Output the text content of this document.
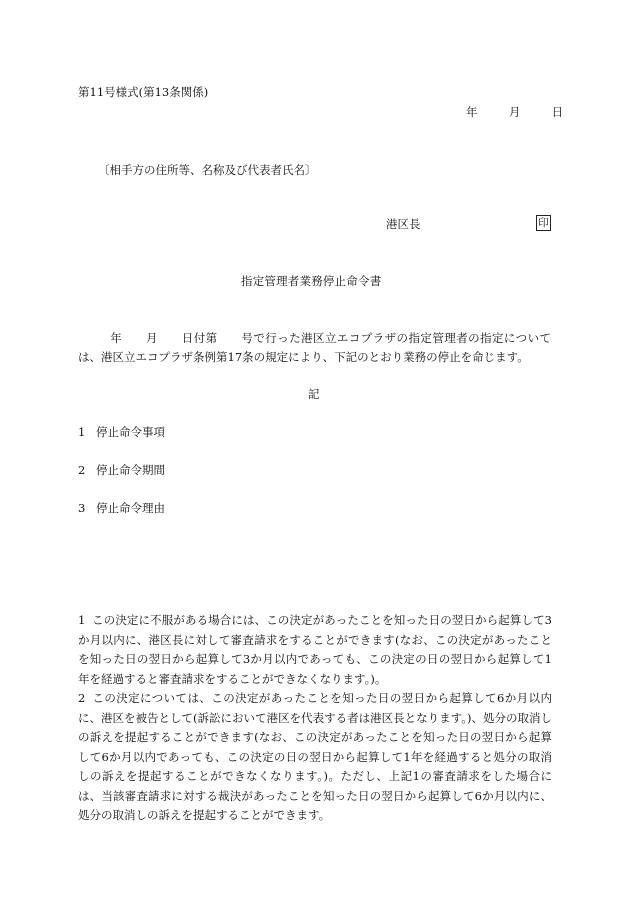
第11号様式(第13条関係)
年	月	日
〔相手方の住所等、名称及び代表者氏名〕
港区長	印
指定管理者業務停止命令書
年　　月　　日付第　　号で行った港区立エコプラザの指定管理者の指定については、港区立エコプラザ条例第17条の規定により、下記のとおり業務の停止を命じます。
記
1 停止命令事項
2 停止命令期間
3 停止命令理由
1 この決定に不服がある場合には、この決定があったことを知った日の翌日から起算して3か月以内に、港区長に対して審査請求をすることができます(なお、この決定があったことを知った日の翌日から起算して3か月以内であっても、この決定の日の翌日から起算して1年を経過すると審査請求をすることができなくなります。)。
2 この決定については、この決定があったことを知った日の翌日から起算して6か月以内に、港区を被告として(訴訟において港区を代表する者は港区長となります。)、処分の取消しの訴えを提起することができます(なお、この決定があったことを知った日の翌日から起算して6か月以内であっても、この決定の日の翌日から起算して1年を経過すると処分の取消しの訴えを提起することができなくなります。)。ただし、上記1の審査請求をした場合には、当該審査請求に対する裁決があったことを知った日の翌日から起算して6か月以内に、処分の取消しの訴えを提起することができます。
